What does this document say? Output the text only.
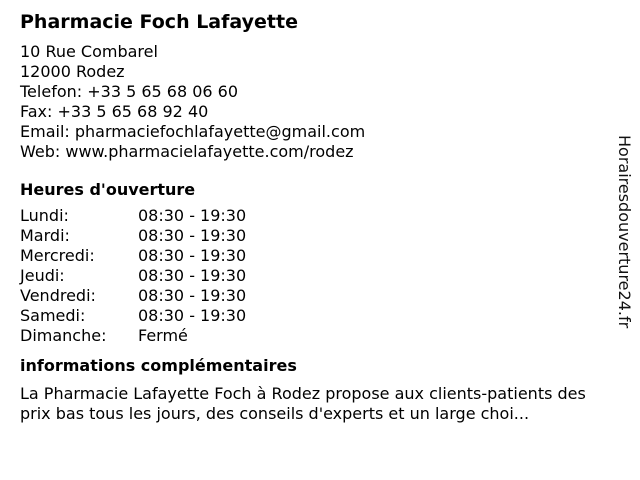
Pharmacie Foch Lafayette
10 Rue Combarel
12000 Rodez
Telefon: +33 5 65 68 06 60
Fax: +33 5 65 68 92 40
Email: pharmaciefochlafayette@gmail.com
Web: www.pharmacielafayette.com/rodez
Heures d'ouverture
Lundi:	08:30 - 19:30
Mardi:	08:30 - 19:30
Mercredi:	08:30 - 19:30
Jeudi:	08:30 - 19:30
Vendredi:	08:30 - 19:30
Samedi:	08:30 - 19:30
Dimanche: Fermé
informations complémentaires
La Pharmacie Lafayette Foch à Rodez propose aux clients-patients des
prix bas tous les jours, des conseils d'experts et un large choi...
Horairesdouverture24.fr
